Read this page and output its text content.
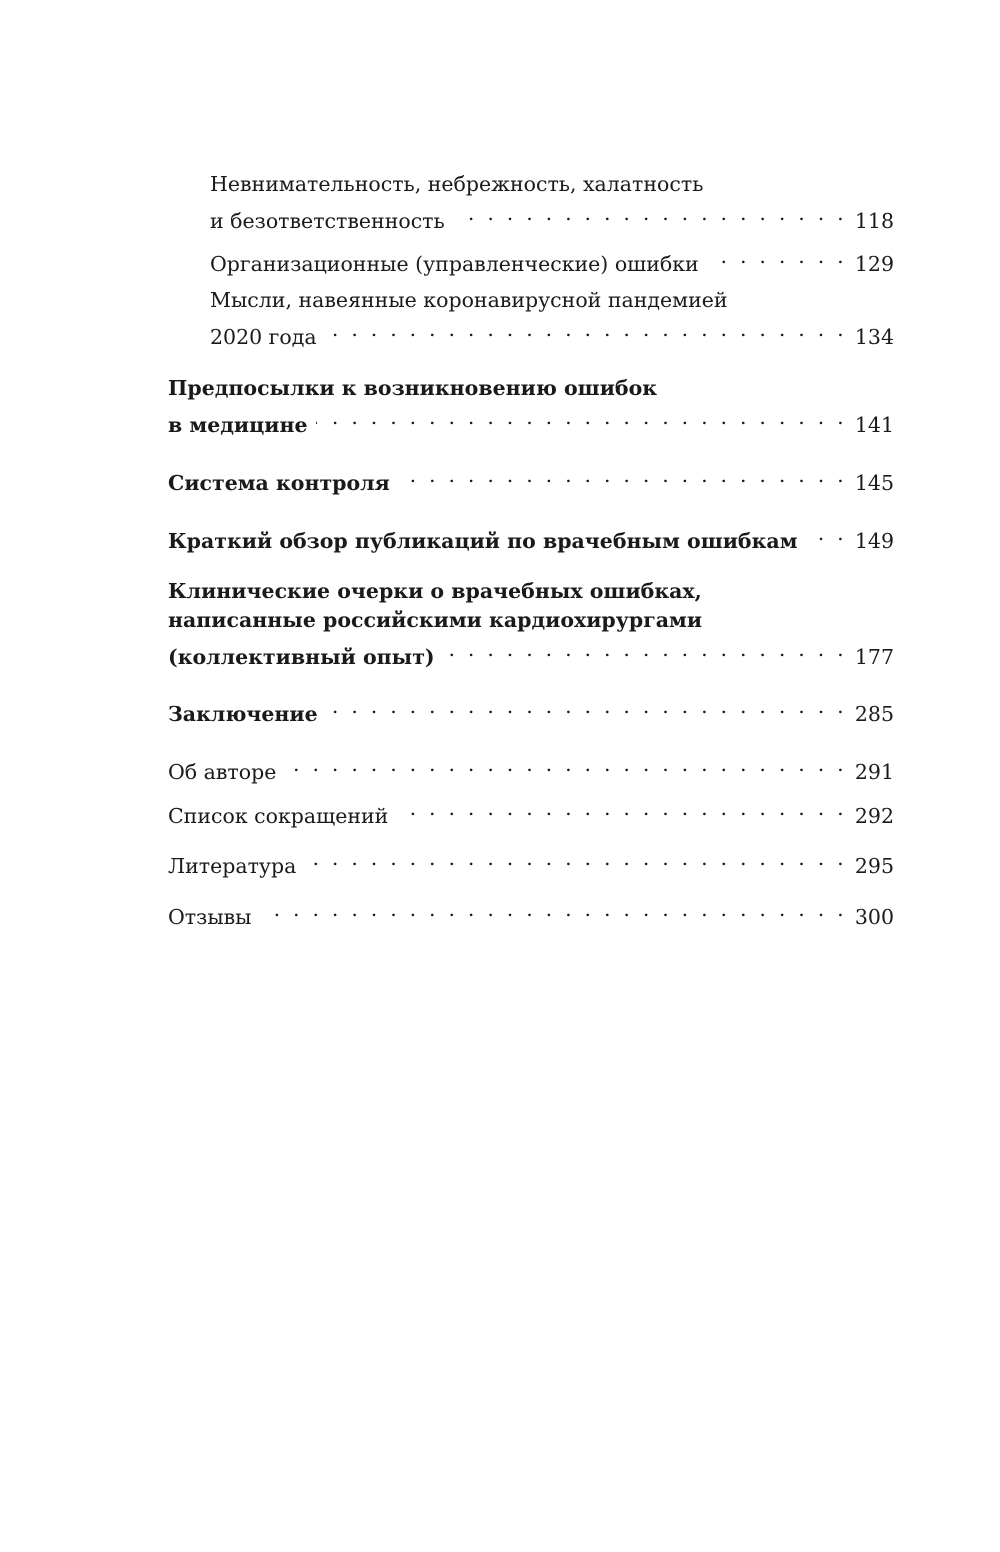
Невнимательность, небрежность, халатность
и безответственность . . .	118
Организационные (управленческие) ошибки . . .	129
Мысли, навеянные коронавирусной пандемией
2020 года . . .	134
Предпосылки к возникновению ошибок
в медицине . . .	141
Система контроля . . .	145
Краткий обзор публикаций по врачебным ошибкам . . .	149
Клинические очерки о врачебных ошибках,
написанные российскими кардиохирургами
(коллективный опыт) . . .	177
Заключение . . .	285
Об авторе . . .	291
Список сокращений . . .	292
Литература . . .	295
Отзывы . . .	300
